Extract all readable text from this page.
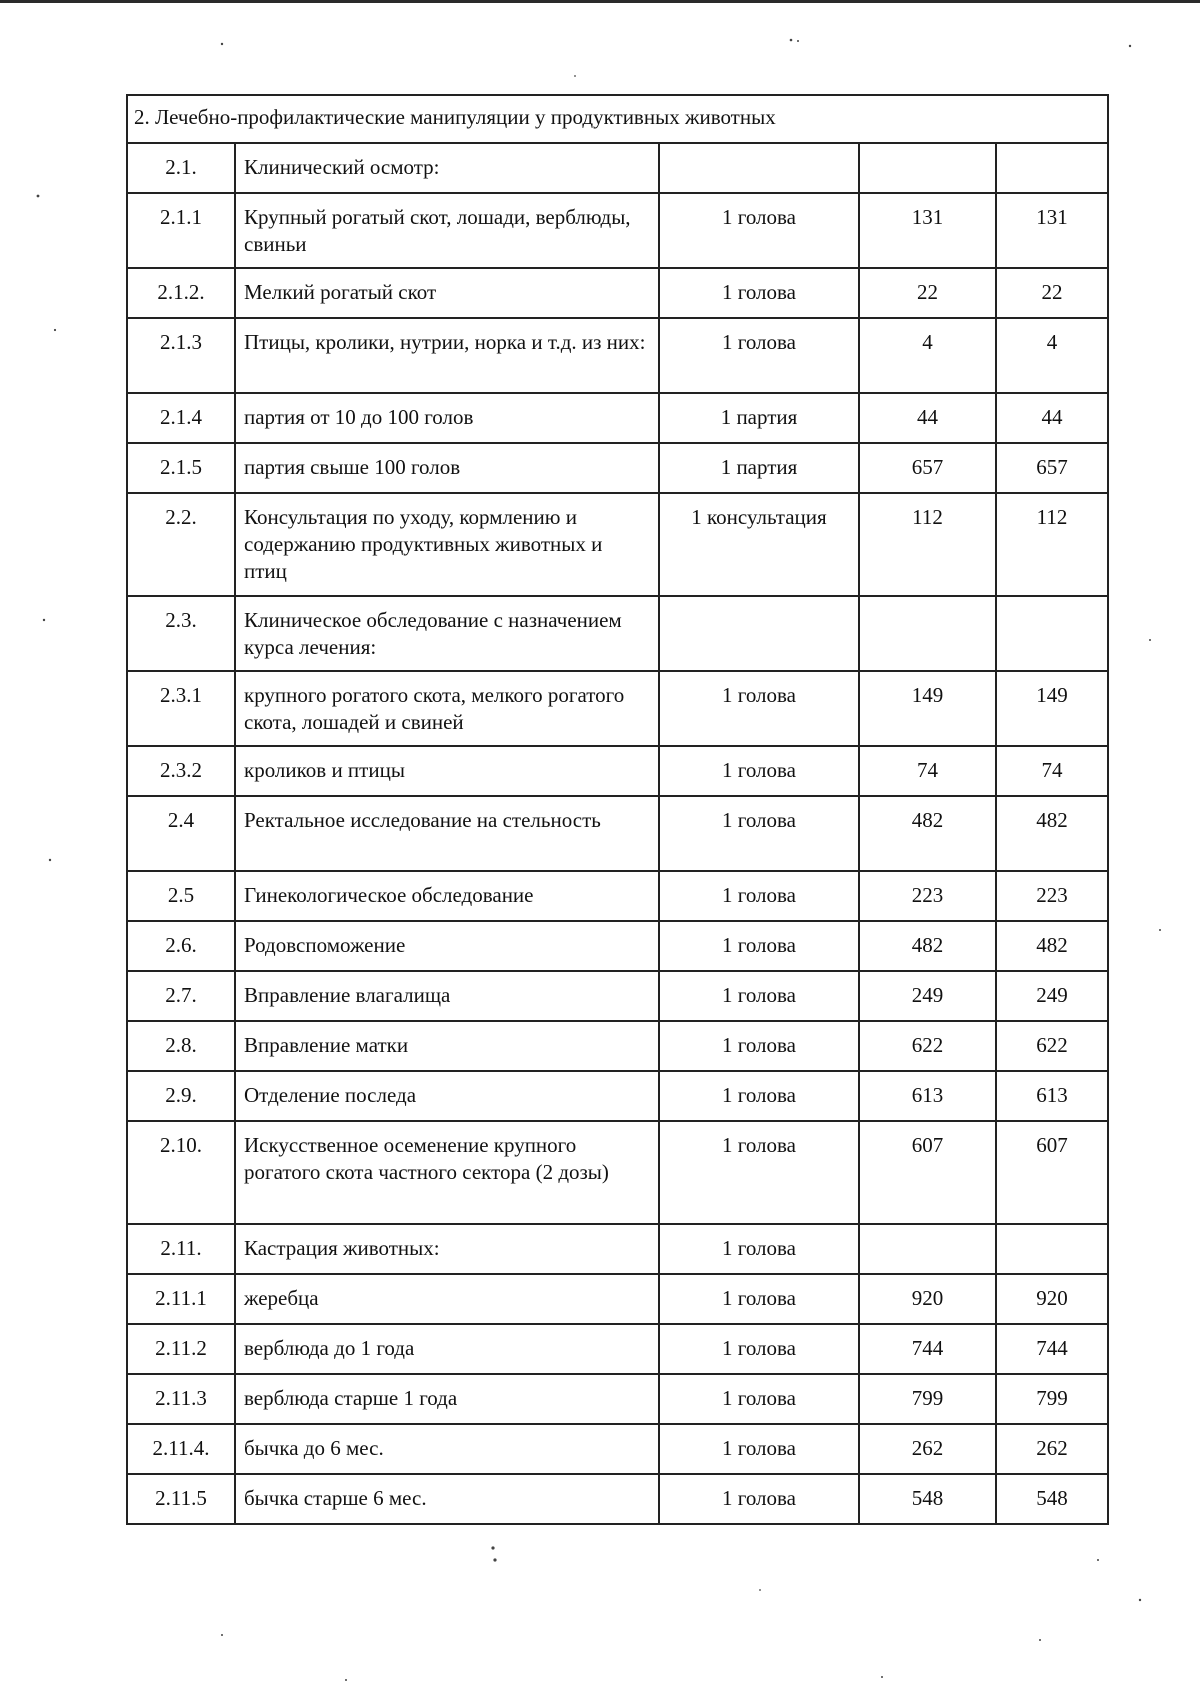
2. Лечебно-профилактические манипуляции у продуктивных животных				
2.1.	Клинический осмотр:			
2.1.1	Крупный рогатый скот, лошади, верблюды, свиньи	1 голова	131	131
2.1.2.	Мелкий рогатый скот	1 голова	22	22
2.1.3	Птицы, кролики, нутрии, норка и т.д. из них:	1 голова	4	4
2.1.4	партия от 10 до 100 голов	1 партия	44	44
2.1.5	партия свыше 100 голов	1 партия	657	657
2.2.	Консультация по уходу, кормлению и содержанию продуктивных животных и птиц	1 консультация	112	112
2.3.	Клиническое обследование с назначением курса лечения:			
2.3.1	крупного рогатого скота, мелкого рогатого скота, лошадей и свиней	1 голова	149	149
2.3.2	кроликов и птицы	1 голова	74	74
2.4	Ректальное исследование на стельность	1 голова	482	482
2.5	Гинекологическое обследование	1 голова	223	223
2.6.	Родовспоможение	1 голова	482	482
2.7.	Вправление влагалища	1 голова	249	249
2.8.	Вправление матки	1 голова	622	622
2.9.	Отделение последа	1 голова	613	613
2.10.	Искусственное осеменение крупного рогатого скота частного сектора (2 дозы)	1 голова	607	607
2.11.	Кастрация животных:	1 голова		
2.11.1	жеребца	1 голова	920	920
2.11.2	верблюда до 1 года	1 голова	744	744
2.11.3	верблюда старше 1 года	1 голова	799	799
2.11.4.	бычка до 6 мес.	1 голова	262	262
2.11.5	бычка старше 6 мес.	1 голова	548	548
